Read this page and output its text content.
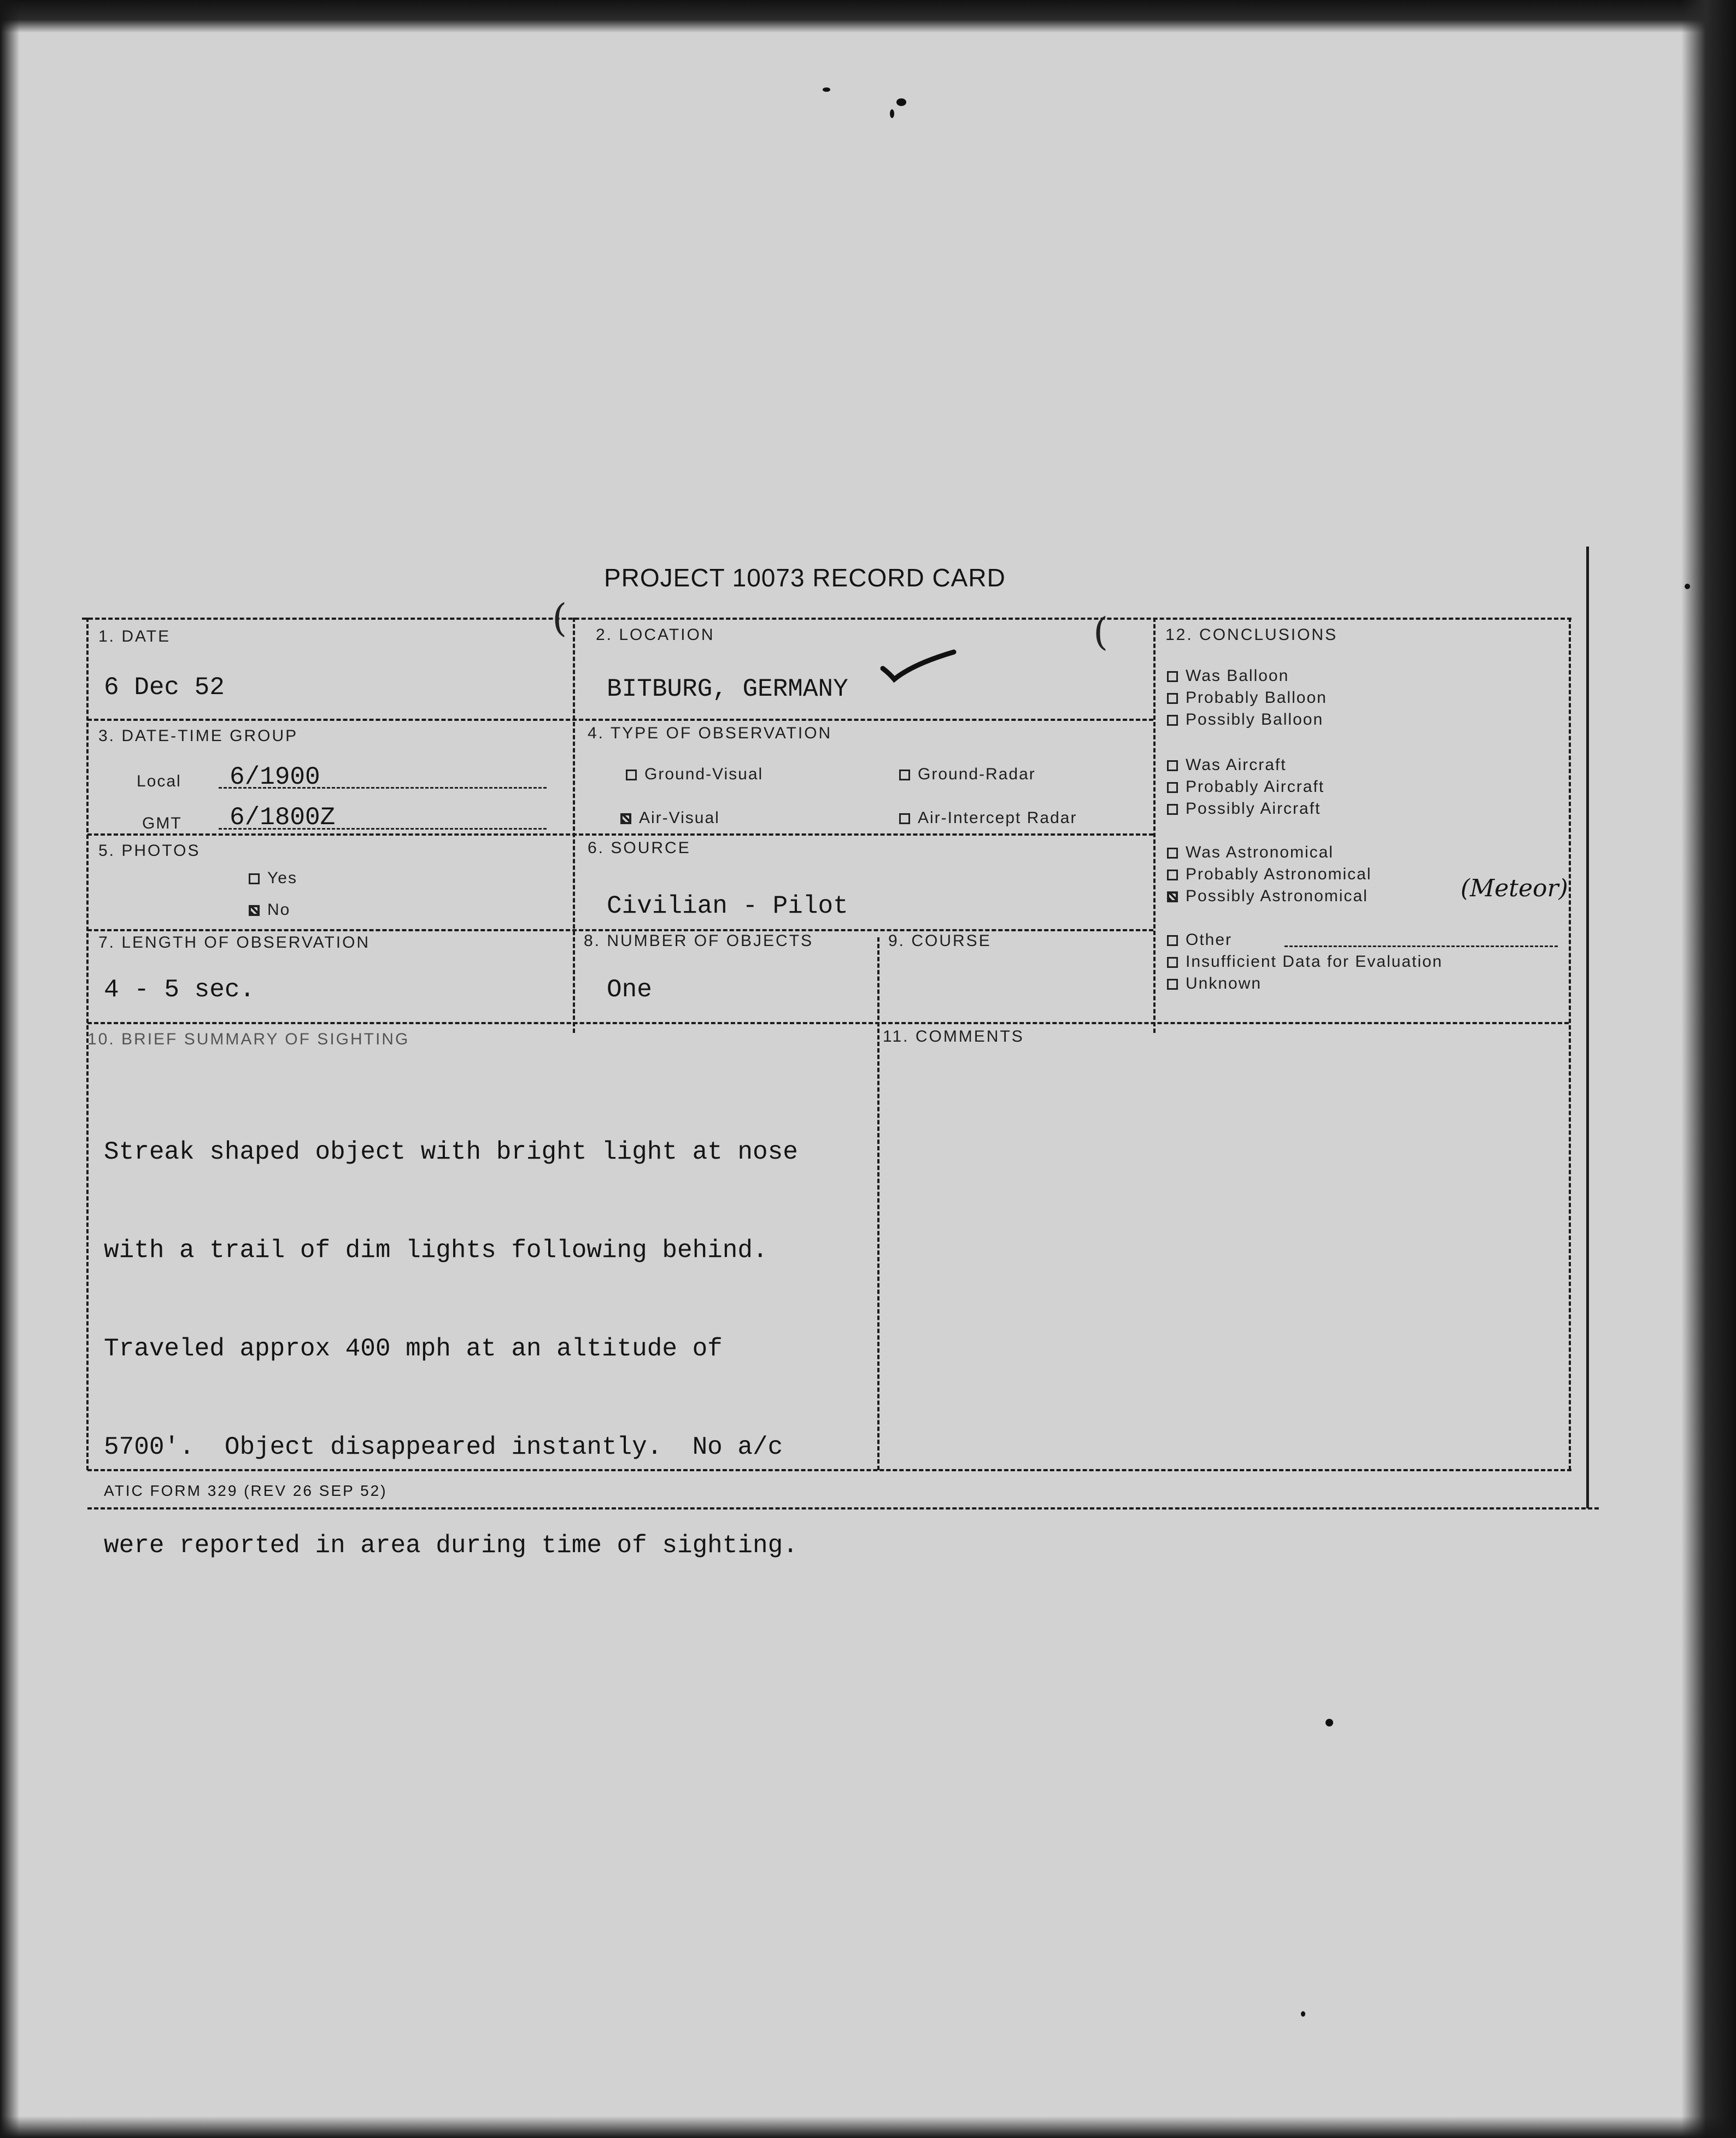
PROJECT 10073 RECORD CARD
1. DATE
6 Dec 52
2. LOCATION
BITBURG, GERMANY
(	(
3. DATE-TIME GROUP
Local 6/1900
GMT 6/1800Z
4. TYPE OF OBSERVATION
Ground-Visual	Ground-Radar
Air-Visual	Air-Intercept Radar
5. PHOTOS
Yes
No
6. SOURCE
Civilian - Pilot
7. LENGTH OF OBSERVATION
4 - 5 sec.
8. NUMBER OF OBJECTS
One
9. COURSE
10. BRIEF SUMMARY OF SIGHTING

Streak shaped object with bright light at nose

with a trail of dim lights following behind.

Traveled approx 400 mph at an altitude of

5700'.  Object disappeared instantly.  No a/c

were reported in area during time of sighting.

11. COMMENTS
12. CONCLUSIONS
Was Balloon
Probably Balloon
Possibly Balloon
Was Aircraft
Probably Aircraft
Possibly Aircraft
Was Astronomical
Probably Astronomical
Possibly Astronomical	(Meteor)
Other
Insufficient Data for Evaluation
Unknown
ATIC FORM 329 (REV 26 SEP 52)
